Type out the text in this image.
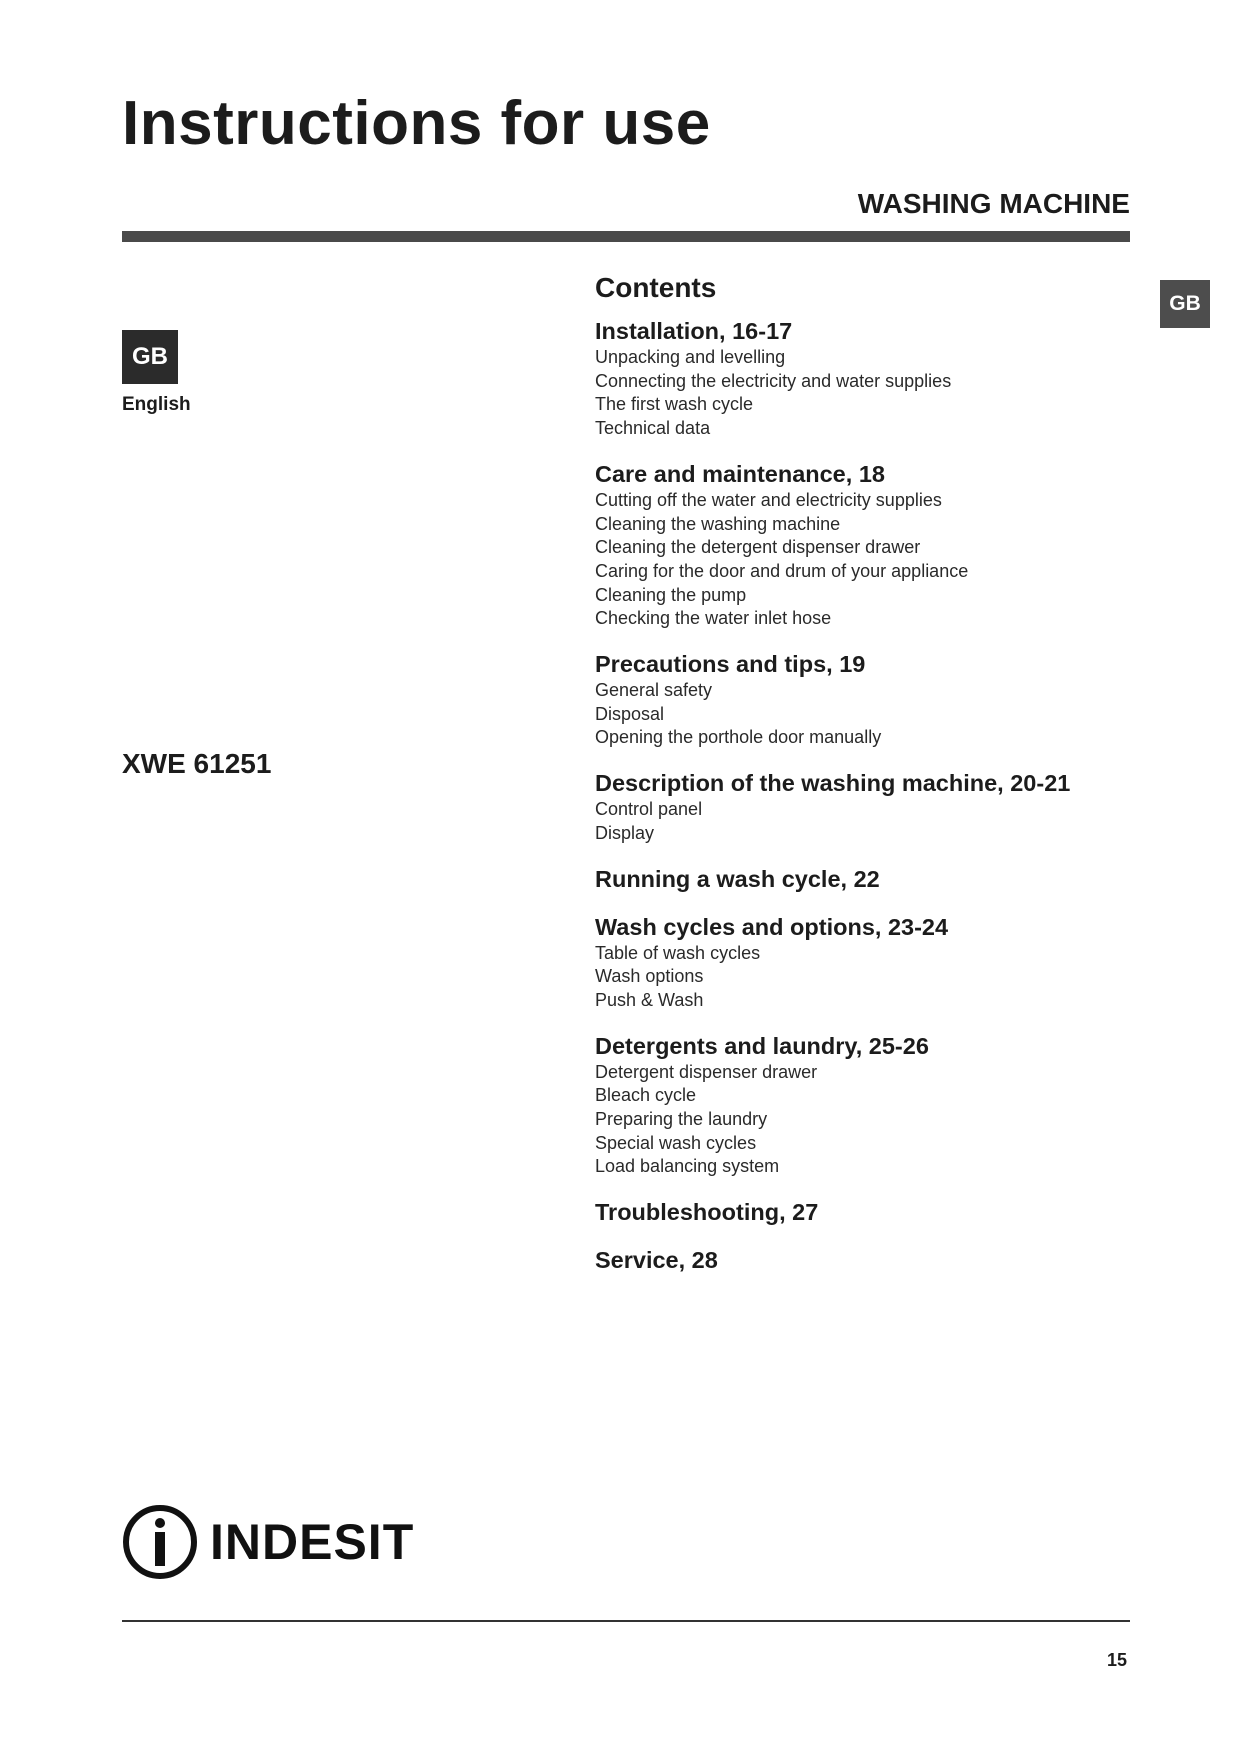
Instructions for use
WASHING MACHINE
GB
GB
English
XWE 61251
Contents
Installation, 16-17
Unpacking and levelling
Connecting the electricity and water supplies
The first wash cycle
Technical data
Care and maintenance, 18
Cutting off the water and electricity supplies
Cleaning the washing machine
Cleaning the detergent dispenser drawer
Caring for the door and drum of your appliance
Cleaning the pump
Checking the water inlet hose
Precautions and tips, 19
General safety
Disposal
Opening the porthole door manually
Description of the washing machine, 20-21
Control panel
Display
Running a wash cycle, 22
Wash cycles and options, 23-24
Table of wash cycles
Wash options
Push & Wash
Detergents and laundry, 25-26
Detergent dispenser drawer
Bleach cycle
Preparing the laundry
Special wash cycles
Load balancing system
Troubleshooting, 27
Service, 28
INDESIT
15
